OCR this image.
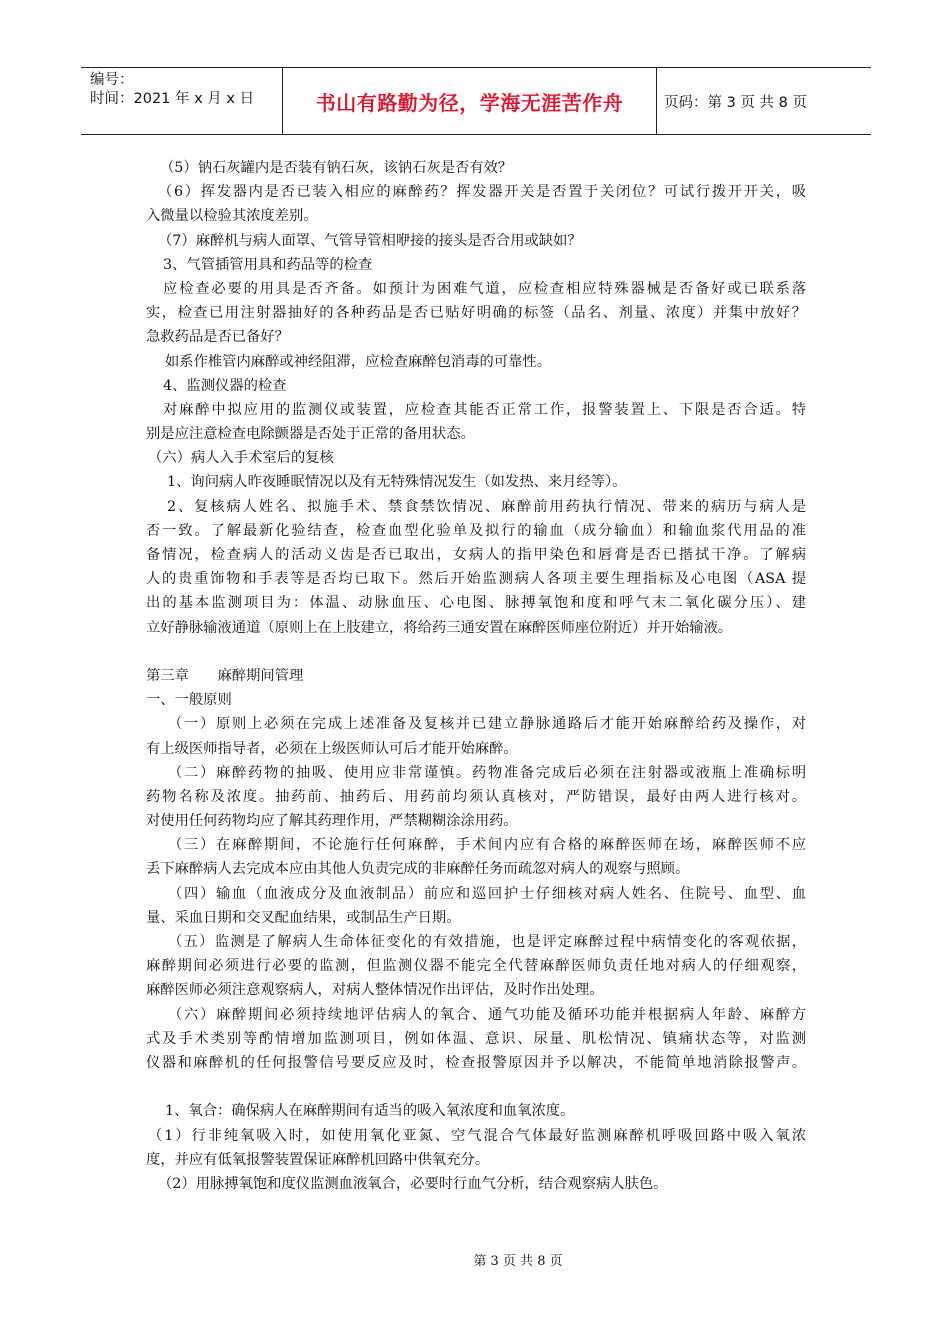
编号：
时间：2021 年 x 月 x 日	书山有路勤为径，学海无涯苦作舟	页码：第 3 页 共 8 页
（5）钠石灰罐内是否装有钠石灰，该钠石灰是否有效？
（6）挥发器内是否已装入相应的麻醉药？挥发器开关是否置于关闭位？可试行拨开开关，吸
入微量以检验其浓度差别。
（7）麻醉机与病人面罩、气管导管相咿接的接头是否合用或缺如？
3、气管插管用具和药品等的检查
应检查必要的用具是否齐备。如预计为困难气道，应检查相应特殊器械是否备好或已联系落
实，检查已用注射器抽好的各种药品是否已贴好明确的标签（品名、剂量、浓度）并集中放好？
急救药品是否已备好？
如系作椎管内麻醉或神经阻滞，应检查麻醉包消毒的可靠性。
4、监测仪器的检查
对麻醉中拟应用的监测仪或装置，应检查其能否正常工作，报警装置上、下限是否合适。特
别是应注意检查电除颤器是否处于正常的备用状态。
（六）病人入手术室后的复核
1、询问病人昨夜睡眠情况以及有无特殊情况发生（如发热、来月经等）。
2、复核病人姓名、拟施手术、禁食禁饮情况、麻醉前用药执行情况、带来的病历与病人是
否一致。了解最新化验结查，检查血型化验单及拟行的输血（成分输血）和输血浆代用品的准
备情况，检查病人的活动义齿是否已取出，女病人的指甲染色和唇膏是否已揩拭干净。了解病
人的贵重饰物和手表等是否均已取下。然后开始监测病人各项主要生理指标及心电图（ASA 提
出的基本监测项目为：体温、动脉血压、心电图、脉搏氧饱和度和呼气末二氧化碳分压）、建
立好静脉输液通道（原则上在上肢建立，将给药三通安置在麻醉医师座位附近）并开始输液。
第三章　　麻醉期间管理
一、一般原则
（一）原则上必须在完成上述准备及复核并已建立静脉通路后才能开始麻醉给药及操作，对
有上级医师指导者，必须在上级医师认可后才能开始麻醉。
（二）麻醉药物的抽吸、使用应非常谨慎。药物准备完成后必须在注射器或液瓶上准确标明
药物名称及浓度。抽药前、抽药后、用药前均须认真核对，严防错误，最好由两人进行核对。
对使用任何药物均应了解其药理作用，严禁糊糊涂涂用药。
（三）在麻醉期间，不论施行任何麻醉，手术间内应有合格的麻醉医师在场，麻醉医师不应
丢下麻醉病人去完成本应由其他人负责完成的非麻醉任务而疏忽对病人的观察与照顾。
（四）输血（血液成分及血液制品）前应和巡回护士仔细核对病人姓名、住院号、血型、血
量、采血日期和交叉配血结果，或制品生产日期。
（五）监测是了解病人生命体征变化的有效措施，也是评定麻醉过程中病情变化的客观依据，
麻醉期间必须进行必要的监测，但监测仪器不能完全代替麻醉医师负责任地对病人的仔细观察，
麻醉医师必须注意观察病人，对病人整体情况作出评估，及时作出处理。
（六）麻醉期间必须持续地评估病人的氧合、通气功能及循环功能并根据病人年龄、麻醉方
式及手术类别等酌情增加监测项目，例如体温、意识、尿量、肌松情况、镇痛状态等，对监测
仪器和麻醉机的任何报警信号要反应及时，检查报警原因并予以解决，不能简单地消除报警声。
1、氧合：确保病人在麻醉期间有适当的吸入氧浓度和血氧浓度。
（1）行非纯氧吸入时，如使用氧化亚氮、空气混合气体最好监测麻醉机呼吸回路中吸入氧浓
度，并应有低氧报警装置保证麻醉机回路中供氧充分。
（2）用脉搏氧饱和度仪监测血液氧合，必要时行血气分析，结合观察病人肤色。
第 3 页 共 8 页
